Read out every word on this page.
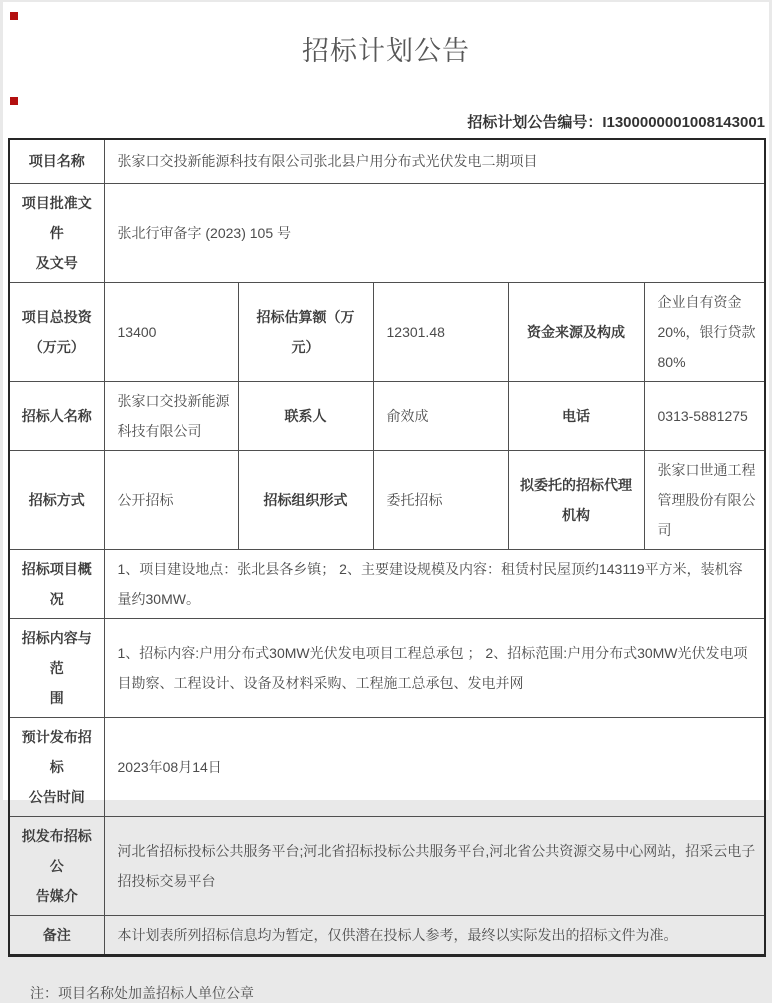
招标计划公告
招标计划公告编号：I1300000001008143001
项目名称	张家口交投新能源科技有限公司张北县户用分布式光伏发电二期项目				
项目批准文件
及文号	张北行审备字 (2023) 105 号				
项目总投资
（万元）	13400	招标估算额（万
元）	12301.48	资金来源及构成	企业自有资金20%，银行贷款80%
招标人名称	张家口交投新能源科技有限公司	联系人	俞效成	电话	0313-5881275
招标方式	公开招标	招标组织形式	委托招标	拟委托的招标代理
机构	张家口世通工程管理股份有限公司
招标项目概况	1、项目建设地点：张北县各乡镇； 2、主要建设规模及内容：租赁村民屋顶约143119平方米，装机容量约30MW。				
招标内容与范
围	1、招标内容:户用分布式30MW光伏发电项目工程总承包 ； 2、招标范围:户用分布式30MW光伏发电项目勘察、工程设计、设备及材料采购、工程施工总承包、发电并网				
预计发布招标
公告时间	2023年08月14日				
拟发布招标公
告媒介	河北省招标投标公共服务平台;河北省招标投标公共服务平台,河北省公共资源交易中心网站，招采云电子招投标交易平台				
备注	本计划表所列招标信息均为暂定，仅供潜在投标人参考，最终以实际发出的招标文件为准。				
注：项目名称处加盖招标人单位公章
